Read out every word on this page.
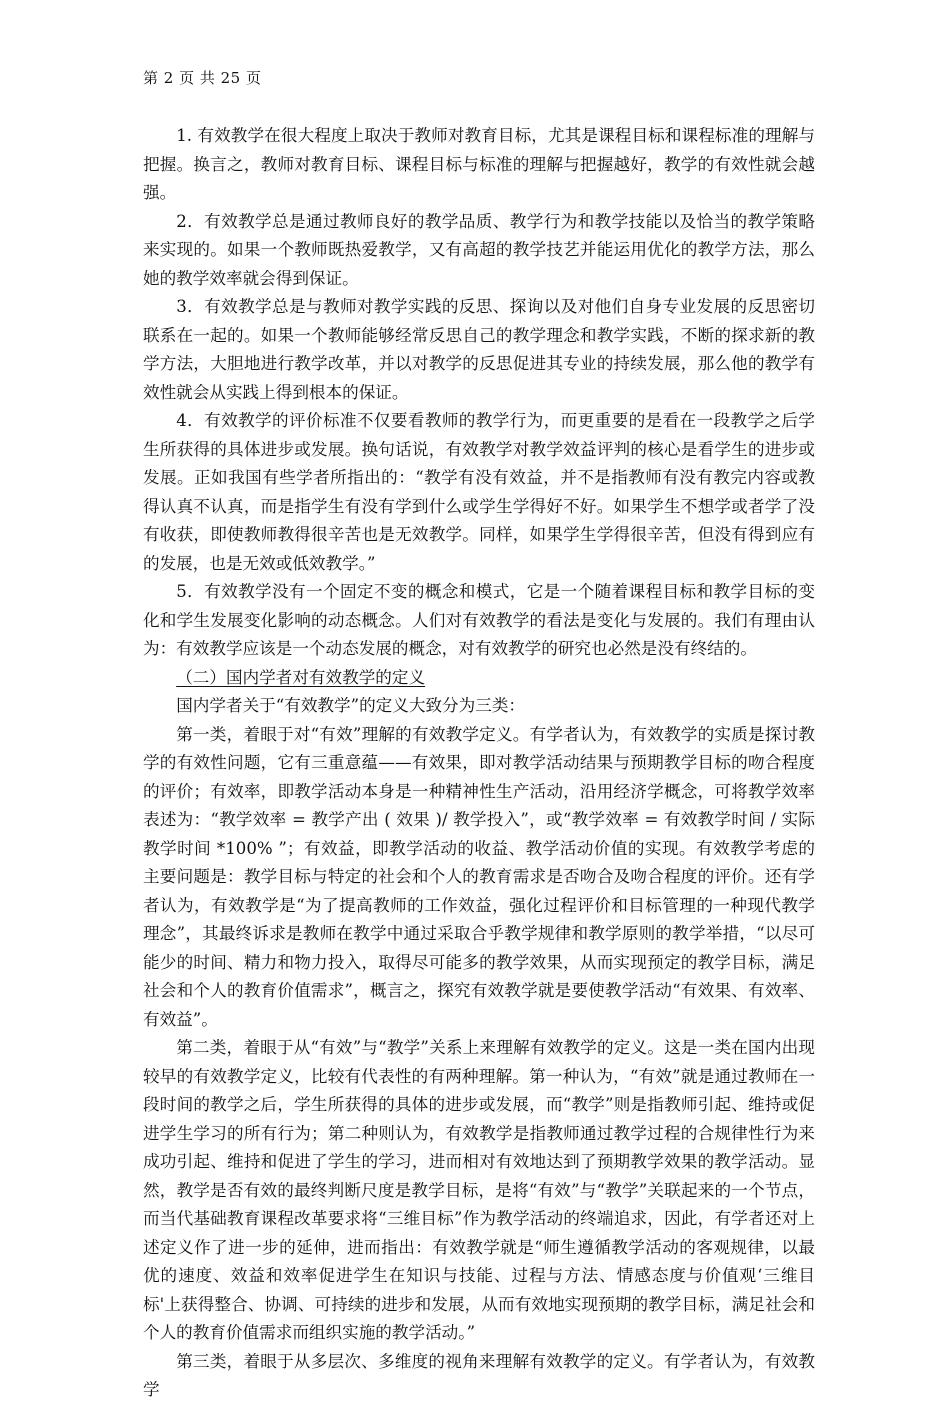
第 2 页 共 25 页

1. 有效教学在很大程度上取决于教师对教育目标，尤其是课程目标和课程标准的理解与把握。换言之，教师对教育目标、课程目标与标准的理解与把握越好，教学的有效性就会越强。

2．有效教学总是通过教师良好的教学品质、教学行为和教学技能以及恰当的教学策略来实现的。如果一个教师既热爱教学，又有高超的教学技艺并能运用优化的教学方法，那么她的教学效率就会得到保证。

3．有效教学总是与教师对教学实践的反思、探询以及对他们自身专业发展的反思密切联系在一起的。如果一个教师能够经常反思自己的教学理念和教学实践，不断的探求新的教学方法，大胆地进行教学改革，并以对教学的反思促进其专业的持续发展，那么他的教学有效性就会从实践上得到根本的保证。

4．有效教学的评价标准不仅要看教师的教学行为，而更重要的是看在一段教学之后学生所获得的具体进步或发展。换句话说，有效教学对教学效益评判的核心是看学生的进步或发展。正如我国有些学者所指出的：“教学有没有效益，并不是指教师有没有教完内容或教得认真不认真，而是指学生有没有学到什么或学生学得好不好。如果学生不想学或者学了没有收获，即使教师教得很辛苦也是无效教学。同样，如果学生学得很辛苦，但没有得到应有的发展，也是无效或低效教学。”

5．有效教学没有一个固定不变的概念和模式，它是一个随着课程目标和教学目标的变化和学生发展变化影响的动态概念。人们对有效教学的看法是变化与发展的。我们有理由认为：有效教学应该是一个动态发展的概念，对有效教学的研究也必然是没有终结的。

（二）国内学者对有效教学的定义

国内学者关于“有效教学”的定义大致分为三类：

第一类，着眼于对“有效”理解的有效教学定义。有学者认为，有效教学的实质是探讨教学的有效性问题，它有三重意蕴——有效果，即对教学活动结果与预期教学目标的吻合程度的评价；有效率，即教学活动本身是一种精神性生产活动，沿用经济学概念，可将教学效率表述为：“教学效率 = 教学产出 ( 效果 )/ 教学投入”，或“教学效率 = 有效教学时间 / 实际教学时间 *100% ”；有效益，即教学活动的收益、教学活动价值的实现。有效教学考虑的主要问题是：教学目标与特定的社会和个人的教育需求是否吻合及吻合程度的评价。还有学者认为，有效教学是“为了提高教师的工作效益，强化过程评价和目标管理的一种现代教学理念”，其最终诉求是教师在教学中通过采取合乎教学规律和教学原则的教学举措，“以尽可能少的时间、精力和物力投入，取得尽可能多的教学效果，从而实现预定的教学目标，满足社会和个人的教育价值需求”，概言之，探究有效教学就是要使教学活动“有效果、有效率、有效益”。

第二类，着眼于从“有效”与“教学”关系上来理解有效教学的定义。这是一类在国内出现较早的有效教学定义，比较有代表性的有两种理解。第一种认为，“有效”就是通过教师在一段时间的教学之后，学生所获得的具体的进步或发展，而“教学”则是指教师引起、维持或促进学生学习的所有行为；第二种则认为，有效教学是指教师通过教学过程的合规律性行为来成功引起、维持和促进了学生的学习，进而相对有效地达到了预期教学效果的教学活动。显然，教学是否有效的最终判断尺度是教学目标，是将“有效”与“教学”关联起来的一个节点，而当代基础教育课程改革要求将“三维目标”作为教学活动的终端追求，因此，有学者还对上述定义作了进一步的延伸，进而指出：有效教学就是“师生遵循教学活动的客观规律，以最优的速度、效益和效率促进学生在知识与技能、过程与方法、情感态度与价值观‘三维目标'上获得整合、协调、可持续的进步和发展，从而有效地实现预期的教学目标，满足社会和个人的教育价值需求而组织实施的教学活动。”

第三类，着眼于从多层次、多维度的视角来理解有效教学的定义。有学者认为，有效教学
